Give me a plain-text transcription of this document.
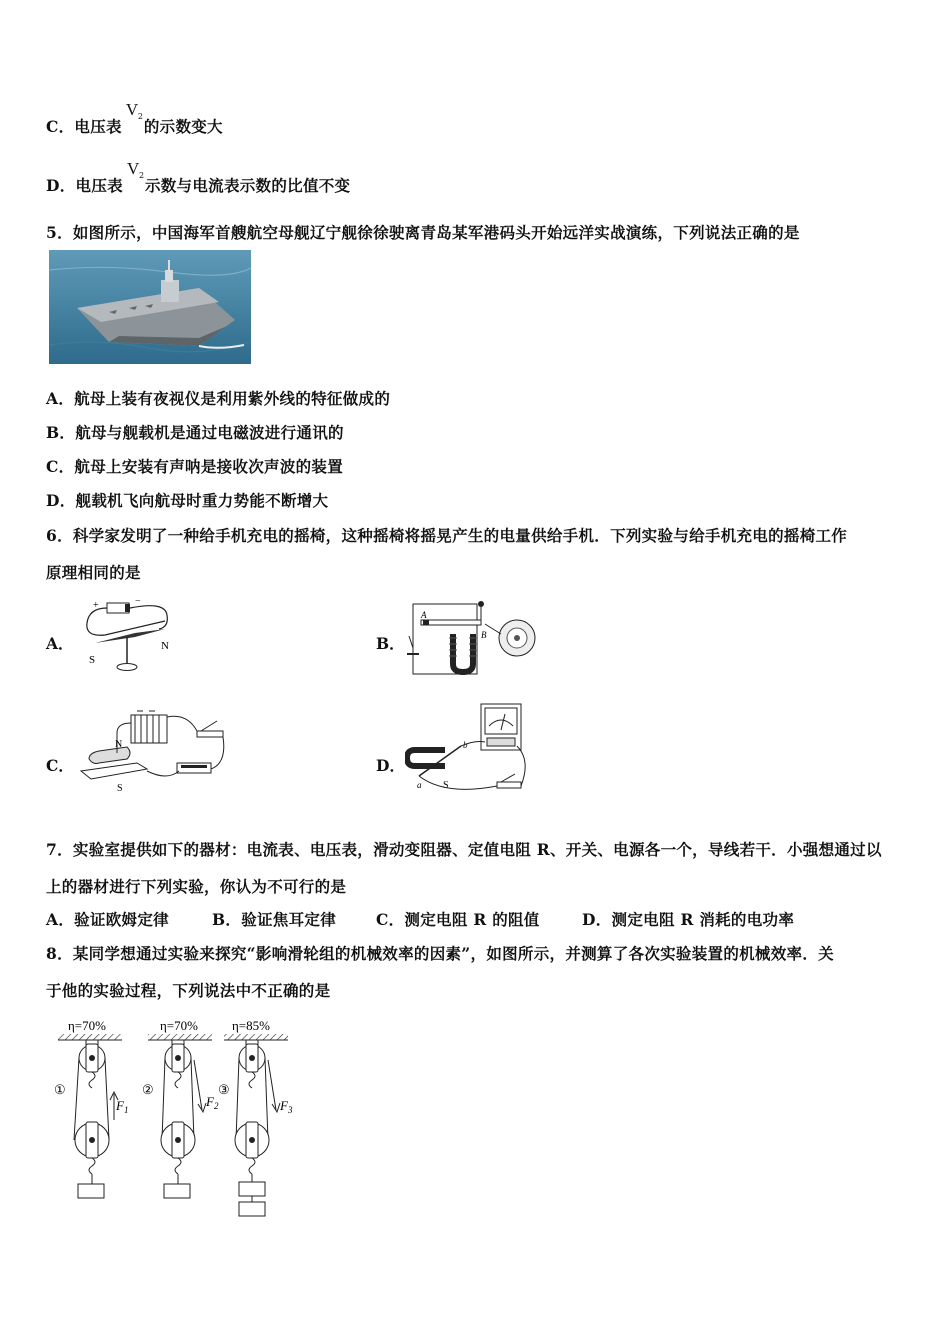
C．电压表
V 2
的示数变大
D．电压表
V 2
示数与电流表示数的比值不变
5．如图所示，中国海军首艘航空母舰辽宁舰徐徐驶离青岛某军港码头开始远洋实战演练，下列说法正确的是
A．航母上装有夜视仪是利用紫外线的特征做成的
B．航母与舰载机是通过电磁波进行通讯的
C．航母上安装有声呐是接收次声波的装置
D．舰载机飞向航母时重力势能不断增大
6．科学家发明了一种给手机充电的摇椅，这种摇椅将摇晃产生的电量供给手机．下列实验与给手机充电的摇椅工作
原理相同的是
A．
+	−
S
N	B．
A
B
C．
N
S
D．
S
a
b
7．实验室提供如下的器材：电流表、电压表，滑动变阻器、定值电阻 R、开关、电源各一个，导线若干．小强想通过以
上的器材进行下列实验，你认为不可行的是
A．验证欧姆定律	B．验证焦耳定律	C．测定电阻 R 的阻值	D．测定电阻 R 消耗的电功率
8．某同学想通过实验来探究“影响滑轮组的机械效率的因素”，如图所示，并测算了各次实验装置的机械效率．关
于他的实验过程，下列说法中不正确的是
η=70%
①
$F_1$
η=70%
②
$F_2$
η=85%
③
$F_3$
